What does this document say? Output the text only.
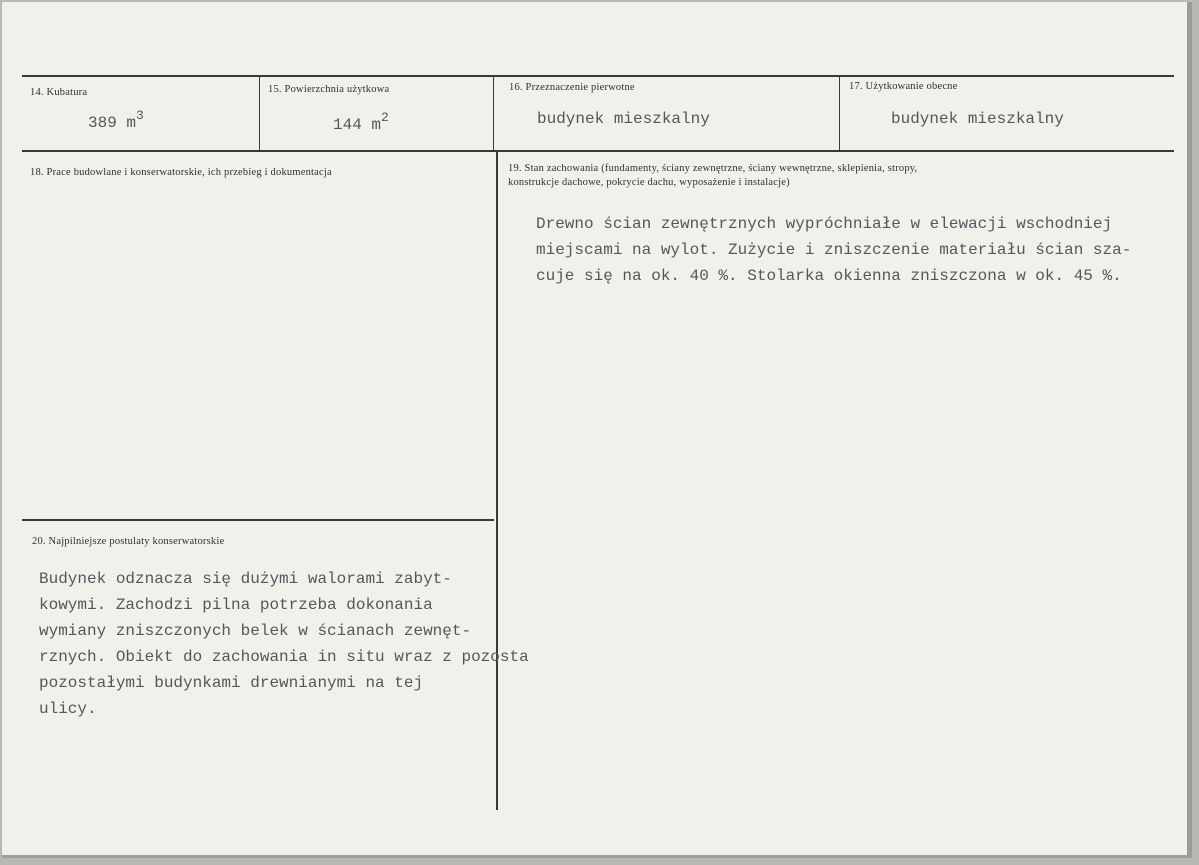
14. Kubatura
389 $m^3$
15. Powierzchnia użytkowa
144 $m^2$
16. Przeznaczenie pierwotne
budynek mieszkalny
17. Użytkowanie obecne
budynek mieszkalny
18. Prace budowlane i konserwatorskie, ich przebieg i dokumentacja	19. Stan zachowania (fundamenty, ściany zewnętrzne, ściany wewnętrzne, sklepienia, stropy,
konstrukcje dachowe, pokrycie dachu, wyposażenie i instalacje)
Drewno ścian zewnętrznych wypróchniałe w elewacji wschodniej
miejscami na wylot. Zużycie i zniszczenie materiału ścian sza-
cuje się na ok. 40 %. Stolarka okienna zniszczona w ok. 45 %.
20. Najpilniejsze postulaty konserwatorskie
Budynek odznacza się dużymi walorami zabyt-
kowymi. Zachodzi pilna potrzeba dokonania
wymiany zniszczonych belek w ścianach zewnęt-
rznych. Obiekt do zachowania in situ wraz z pozosta
pozostałymi budynkami drewnianymi na tej
ulicy.
